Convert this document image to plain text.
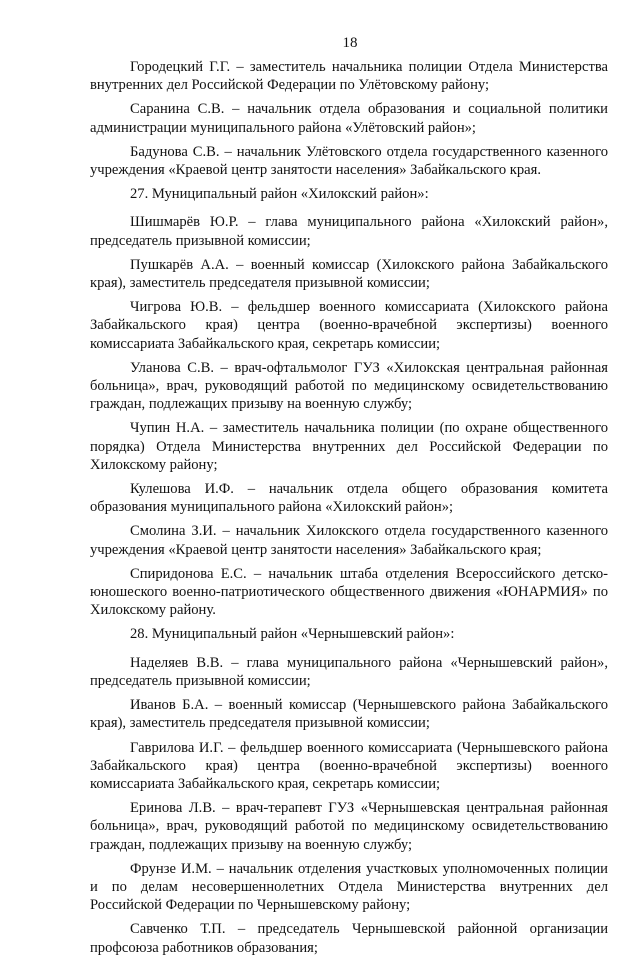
18

Городецкий Г.Г. – заместитель начальника полиции Отдела Министерства внутренних дел Российской Федерации по Улётовскому району;

Саранина С.В. – начальник отдела образования и социальной политики администрации муниципального района «Улётовский район»;

Бадунова С.В. – начальник Улётовского отдела государственного казенного учреждения «Краевой центр занятости населения» Забайкальского края.

27. Муниципальный район «Хилокский район»:

Шишмарёв Ю.Р. – глава муниципального района «Хилокский район», председатель призывной комиссии;

Пушкарёв А.А. – военный комиссар (Хилокского района Забайкальского края), заместитель председателя призывной комиссии;

Чигрова Ю.В. – фельдшер военного комиссариата (Хилокского района Забайкальского края) центра (военно-врачебной экспертизы) военного комиссариата Забайкальского края, секретарь комиссии;

Уланова С.В. – врач-офтальмолог ГУЗ «Хилокская центральная районная больница», врач, руководящий работой по медицинскому освидетельствованию граждан, подлежащих призыву на военную службу;

Чупин Н.А. – заместитель начальника полиции (по охране общественного порядка) Отдела Министерства внутренних дел Российской Федерации по Хилокскому району;

Кулешова И.Ф. – начальник отдела общего образования комитета образования муниципального района «Хилокский район»;

Смолина З.И. – начальник Хилокского отдела государственного казенного учреждения «Краевой центр занятости населения» Забайкальского края;

Спиридонова Е.С. – начальник штаба отделения Всероссийского детско-юношеского военно-патриотического общественного движения «ЮНАРМИЯ» по Хилокскому району.

28. Муниципальный район «Чернышевский район»:

Наделяев В.В. – глава муниципального района «Чернышевский район», председатель призывной комиссии;

Иванов Б.А. – военный комиссар (Чернышевского района Забайкальского края), заместитель председателя призывной комиссии;

Гаврилова И.Г. – фельдшер военного комиссариата (Чернышевского района Забайкальского края) центра (военно-врачебной экспертизы) военного комиссариата Забайкальского края, секретарь комиссии;

Еринова Л.В. – врач-терапевт ГУЗ «Чернышевская центральная районная больница», врач, руководящий работой по медицинскому освидетельствованию граждан, подлежащих призыву на военную службу;

Фрунзе И.М. – начальник отделения участковых уполномоченных полиции и по делам несовершеннолетних Отдела Министерства внутренних дел Российской Федерации по Чернышевскому району;

Савченко Т.П. – председатель Чернышевской районной организации профсоюза работников образования;
